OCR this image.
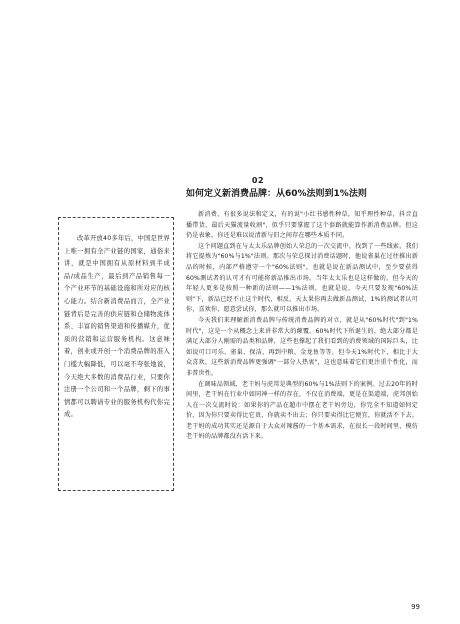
02
如何定义新消费品牌：从60%法则到1%法则
改革开放40多年后，中国是世界上唯一拥有全产业链的国家，通俗来讲，就是中国拥有从原材料到半成品/成品生产，最后到产品销售每一个产业环节的基础设施和所对应的核心能力。结合新消费品而言，全产业链背后是完善的供应链和仓储物流体系、丰富的销售渠道和传播媒介，优质的营销和运营服务机构。这意味着，创业或开创一个消费品牌的准入门槛大幅降低，可以毫不夸张地说，今天绝大多数的消费品行业，只要你注册一个公司和一个品牌，剩下的事情都可以聘请专业的服务机构代你完成。

新消费，有很多说法和定义，有的说"小红书感性种草，知乎理性种草，抖音直播带货，最后天猫流量收割"，似乎只要掌握了这个套路就能算作新消费品牌。但这仍是表象，你还是难以说清新与旧之间存在哪些本质不同。

这个问题直到在与太太乐品牌创始人荣总的一次交流中，找到了一些线索，我们将它提炼为"60%与1%"法则。那次与荣总探讨消费话题时，他说雀巢在过往推出新品的时候，内部严格遵守一个"60%法则"，也就是说在新品测试中，至少要获得60%测试者的认可才有可能将新品推出市场。当年太太乐也是这样做的，但今天的年轻人更多是按照一种新的法则——1%法则，也就是说，今天只要发现"60%法则"下，新品已经不止这个时代，相反，天太果你再去做新品测试，1%的测试者认可你，喜欢你，愿意尝试你，那么就可以推出市场。

今天我们来理解新消费品牌与传统消费品牌的对立，就是从"60%时代"到"1%时代"，这是一个从概念上来讲非常大的颠覆。60%时代下所诞生的，绝大部分都是满足大部分人刚需的品类和品牌，这些也撑起了我们看到的消费领域的国际巨头，比如说可口可乐、雀巢、保洁，再到中粮、金龙鱼等等，但今天1%时代下，相比于大众喜欢，这些新消费品牌更强调"一部分人热衷"，这也意味着它们更注重个性化，而非普世性。

在调味品领域，老干妈与虎邦是典型的60%与1%法则下的案例。过去20年的时间里，老干妈在行业中如同神一样的存在，不仅在消费端，更是在渠道端，虎邦创始人在一次交流时说：如果你的产品在超市中摆在老干妈旁边，你完全不知道如何定价，因为你只要卖得比它贵，你就卖不出去；你只要卖得比它便宜，你就活不下去。老干妈的成功其实还是源自于大众对辣酱的一个基本需求，在很长一段时间里，模仿老干妈的品牌都没有活下来。

99
